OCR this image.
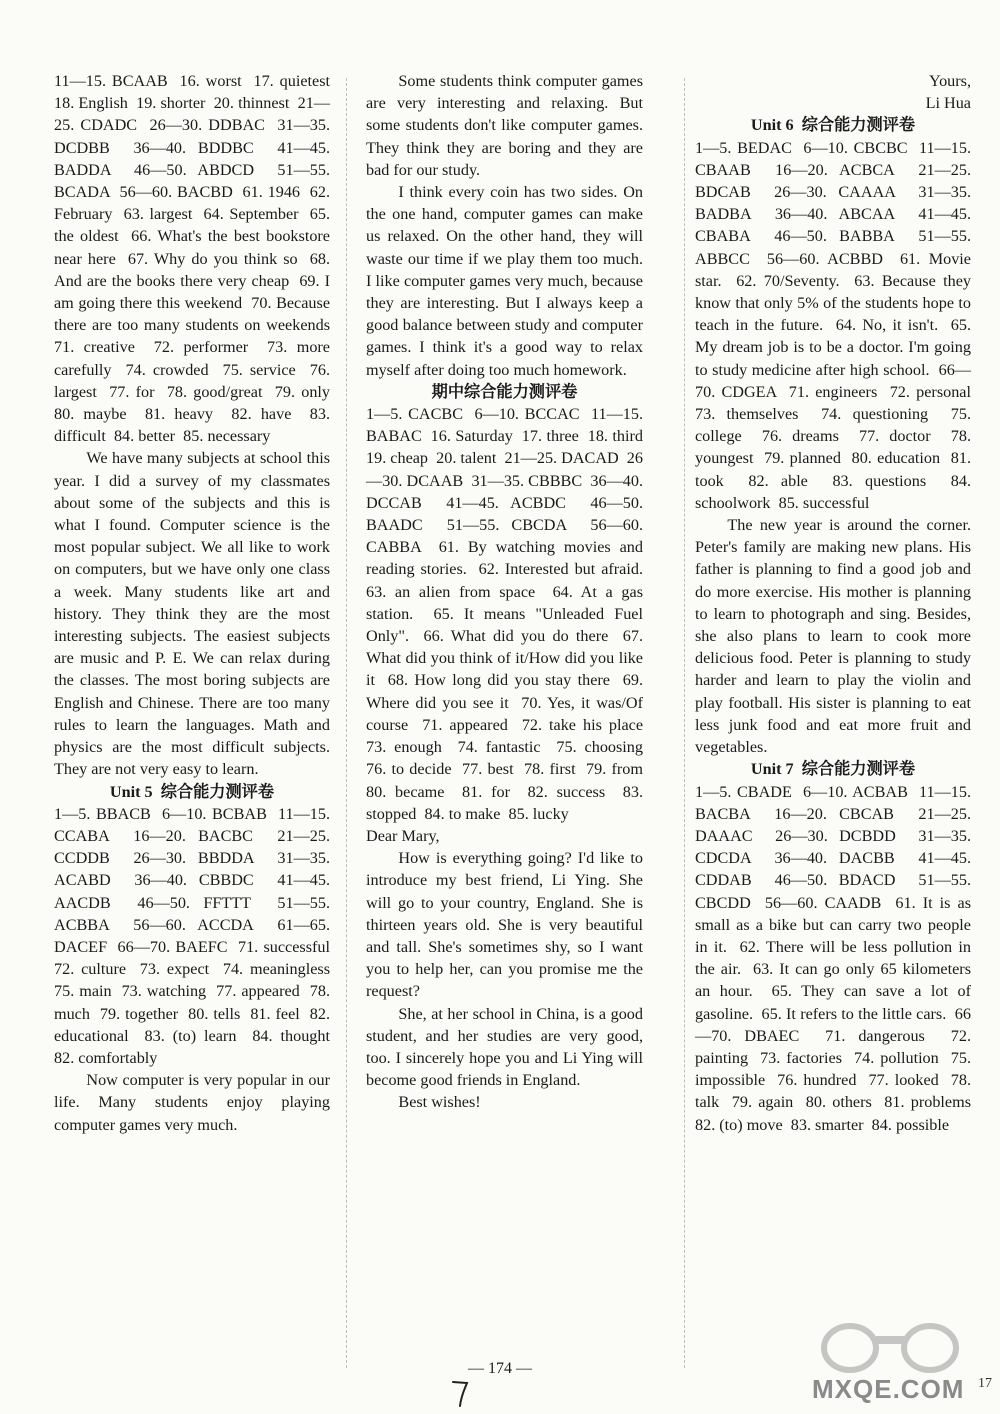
11—15. BCAAB  16. worst  17. quietest  18. English  19. shorter  20. thinnest  21—25. CDADC  26—30. DDBAC  31—35. DCDBB  36—40. BDDBC  41—45. BADDA  46—50. ABDCD  51—55. BCADA  56—60. BACBD  61. 1946  62. February  63. largest  64. September  65. the oldest  66. What's the best bookstore near here  67. Why do you think so  68. And are the books there very cheap  69. I am going there this weekend  70. Because there are too many students on weekends  71. creative  72. performer  73. more carefully  74. crowded  75. service  76. largest  77. for  78. good/great  79. only  80. maybe  81. heavy  82. have  83. difficult  84. better  85. necessary

We have many subjects at school this year. I did a survey of my classmates about some of the subjects and this is what I found. Computer science is the most popular subject. We all like to work on computers, but we have only one class a week. Many students like art and history. They think they are the most interesting subjects. The easiest subjects are music and P. E. We can relax during the classes. The most boring subjects are English and Chinese. There are too many rules to learn the languages. Math and physics are the most difficult subjects. They are not very easy to learn.

Unit 5  综合能力测评卷

1—5. BBACB  6—10. BCBAB  11—15. CCABA  16—20. BACBC  21—25. CCDDB  26—30. BBDDA  31—35. ACABD  36—40. CBBDC  41—45. AACDB  46—50. FFTTT  51—55. ACBBA  56—60. ACCDA  61—65. DACEF  66—70. BAEFC  71. successful  72. culture  73. expect  74. meaningless  75. main  73. watching  77. appeared  78. much  79. together  80. tells  81. feel  82. educational  83. (to) learn  84. thought  82. comfortably

Now computer is very popular in our life. Many students enjoy playing computer games very much.

Some students think computer games are very interesting and relaxing. But some students don't like computer games. They think they are boring and they are bad for our study.

I think every coin has two sides. On the one hand, computer games can make us relaxed. On the other hand, they will waste our time if we play them too much. I like computer games very much, because they are interesting. But I always keep a good balance between study and computer games. I think it's a good way to relax myself after doing too much homework.

期中综合能力测评卷

1—5. CACBC  6—10. BCCAC  11—15. BABAC  16. Saturday  17. three  18. third  19. cheap  20. talent  21—25. DACAD  26—30. DCAAB  31—35. CBBBC  36—40. DCCAB  41—45. ACBDC  46—50. BAADC  51—55. CBCDA  56—60. CABBA  61. By watching movies and reading stories.  62. Interested but afraid.  63. an alien from space  64. At a gas station.  65. It means "Unleaded Fuel Only".  66. What did you do there  67. What did you think of it/How did you like it  68. How long did you stay there  69. Where did you see it  70. Yes, it was/Of course  71. appeared  72. take his place  73. enough  74. fantastic  75. choosing  76. to decide  77. best  78. first  79. from  80. became  81. for  82. success  83. stopped  84. to make  85. lucky

Dear Mary,

How is everything going? I'd like to introduce my best friend, Li Ying. She will go to your country, England. She is thirteen years old. She is very beautiful and tall. She's sometimes shy, so I want you to help her, can you promise me the request?

She, at her school in China, is a good student, and her studies are very good, too. I sincerely hope you and Li Ying will become good friends in England.

Best wishes!

Yours,

Li Hua

Unit 6  综合能力测评卷

1—5. BEDAC  6—10. CBCBC  11—15. CBAAB  16—20. ACBCA  21—25. BDCAB  26—30. CAAAA  31—35. BADBA  36—40. ABCAA  41—45. CBABA  46—50. BABBA  51—55. ABBCC  56—60. ACBBD  61. Movie star.  62. 70/Seventy.  63. Because they know that only 5% of the students hope to teach in the future.  64. No, it isn't.  65. My dream job is to be a doctor. I'm going to study medicine after high school.  66—70. CDGEA  71. engineers  72. personal  73. themselves  74. questioning  75. college  76. dreams  77. doctor  78. youngest  79. planned  80. education  81. took  82. able  83. questions  84. schoolwork  85. successful

The new year is around the corner. Peter's family are making new plans. His father is planning to find a good job and do more exercise. His mother is planning to learn to photograph and sing. Besides, she also plans to learn to cook more delicious food. Peter is planning to study harder and learn to play the violin and play football. His sister is planning to eat less junk food and eat more fruit and vegetables.

Unit 7  综合能力测评卷

1—5. CBADE  6—10. ACBAB  11—15. BACBA  16—20. CBCAB  21—25. DAAAC  26—30. DCBDD  31—35. CDCDA  36—40. DACBB  41—45. CDDAB  46—50. BDACD  51—55. CBCDD  56—60. CAADB  61. It is as small as a bike but can carry two people in it.  62. There will be less pollution in the air.  63. It can go only 65 kilometers an hour.  65. They can save a lot of gasoline.  65. It refers to the little cars.  66—70. DBAEC  71. dangerous  72. painting  73. factories  74. pollution  75. impossible  76. hundred  77. looked  78. talk  79. again  80. others  81. problems  82. (to) move  83. smarter  84. possible

— 174 —
17
MXQE.COM
